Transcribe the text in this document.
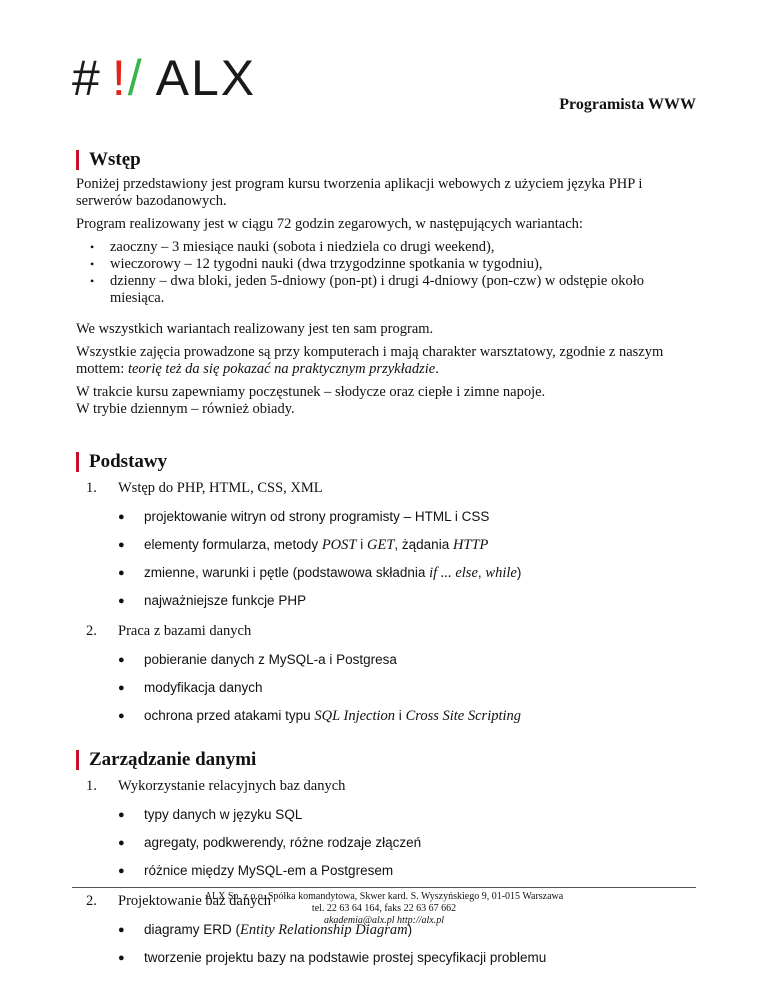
# !/ ALX	Programista WWW
Wstęp

Poniżej przedstawiony jest program kursu tworzenia aplikacji webowych z użyciem języka PHP i serwerów bazodanowych.

Program realizowany jest w ciągu 72 godzin zegarowych, w następujących wariantach:

• zaoczny – 3 miesiące nauki (sobota i niedziela co drugi weekend),
• wieczorowy – 12 tygodni nauki (dwa trzygodzinne spotkania w tygodniu),
• dzienny – dwa bloki, jeden 5-dniowy (pon-pt) i drugi 4-dniowy (pon-czw) w odstępie około miesiąca.

We wszystkich wariantach realizowany jest ten sam program.

Wszystkie zajęcia prowadzone są przy komputerach i mają charakter warsztatowy, zgodnie z naszym mottem: teorię też da się pokazać na praktycznym przykładzie.

W trakcie kursu zapewniamy poczęstunek – słodycze oraz ciepłe i zimne napoje.
W trybie dziennym – również obiady.

Podstawy
1. Wstęp do PHP, HTML, CSS, XML
● projektowanie witryn od strony programisty – HTML i CSS
● elementy formularza, metody POST i GET, żądania HTTP
● zmienne, warunki i pętle (podstawowa składnia if ... else, while)
● najważniejsze funkcje PHP
2. Praca z bazami danych
● pobieranie danych z MySQL-a i Postgresa
● modyfikacja danych
● ochrona przed atakami typu SQL Injection i Cross Site Scripting
Zarządzanie danymi
1. Wykorzystanie relacyjnych baz danych
● typy danych w języku SQL
● agregaty, podkwerendy, różne rodzaje złączeń
● różnice między MySQL-em a Postgresem
2. Projektowanie baz danych
● diagramy ERD (Entity Relationship Diagram)
● tworzenie projektu bazy na podstawie prostej specyfikacji problemu
ALX Sp. z o.o. Spółka komandytowa, Skwer kard. S. Wyszyńskiego 9, 01-015 Warszawa
tel. 22 63 64 164, faks 22 63 67 662
akademia@alx.pl http://alx.pl
